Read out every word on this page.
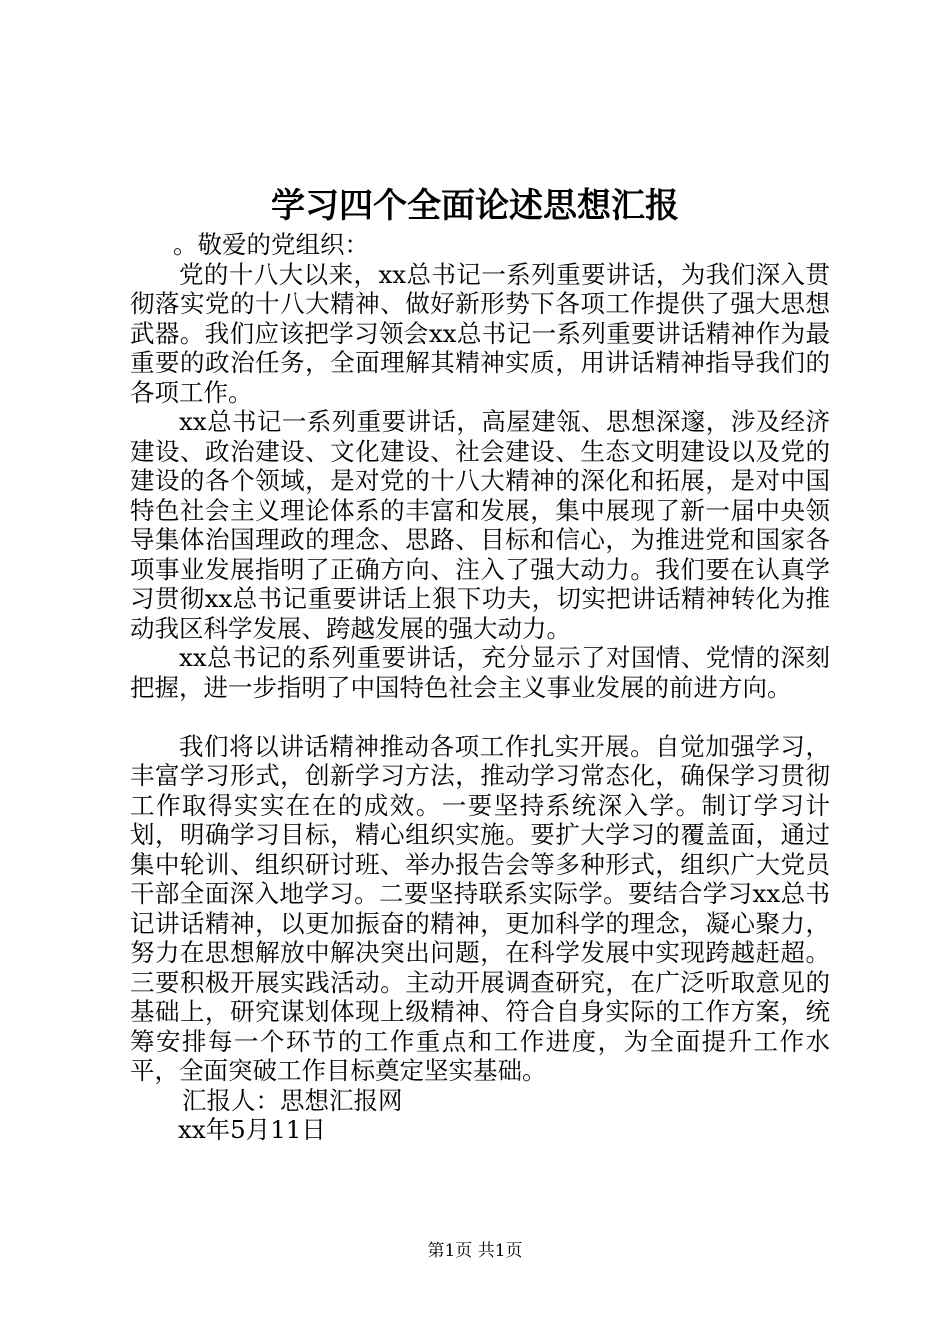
学习四个全面论述思想汇报

。敬爱的党组织：

党的十八大以来，xx总书记一系列重要讲话，为我们深入贯彻落实党的十八大精神、做好新形势下各项工作提供了强大思想武器。我们应该把学习领会xx总书记一系列重要讲话精神作为最重要的政治任务，全面理解其精神实质，用讲话精神指导我们的各项工作。

xx总书记一系列重要讲话，高屋建瓴、思想深邃，涉及经济建设、政治建设、文化建设、社会建设、生态文明建设以及党的建设的各个领域，是对党的十八大精神的深化和拓展，是对中国特色社会主义理论体系的丰富和发展，集中展现了新一届中央领导集体治国理政的理念、思路、目标和信心，为推进党和国家各项事业发展指明了正确方向、注入了强大动力。我们要在认真学习贯彻xx总书记重要讲话上狠下功夫，切实把讲话精神转化为推动我区科学发展、跨越发展的强大动力。

xx总书记的系列重要讲话，充分显示了对国情、党情的深刻把握，进一步指明了中国特色社会主义事业发展的前进方向。

我们将以讲话精神推动各项工作扎实开展。自觉加强学习，丰富学习形式，创新学习方法，推动学习常态化，确保学习贯彻工作取得实实在在的成效。一要坚持系统深入学。制订学习计划，明确学习目标，精心组织实施。要扩大学习的覆盖面，通过集中轮训、组织研讨班、举办报告会等多种形式，组织广大党员干部全面深入地学习。二要坚持联系实际学。要结合学习xx总书记讲话精神，以更加振奋的精神，更加科学的理念，凝心聚力，努力在思想解放中解决突出问题，在科学发展中实现跨越赶超。三要积极开展实践活动。主动开展调查研究，在广泛听取意见的基础上，研究谋划体现上级精神、符合自身实际的工作方案，统筹安排每一个环节的工作重点和工作进度，为全面提升工作水平，全面突破工作目标奠定坚实基础。

汇报人：思想汇报网

xx年5月11日

第1页 共1页
